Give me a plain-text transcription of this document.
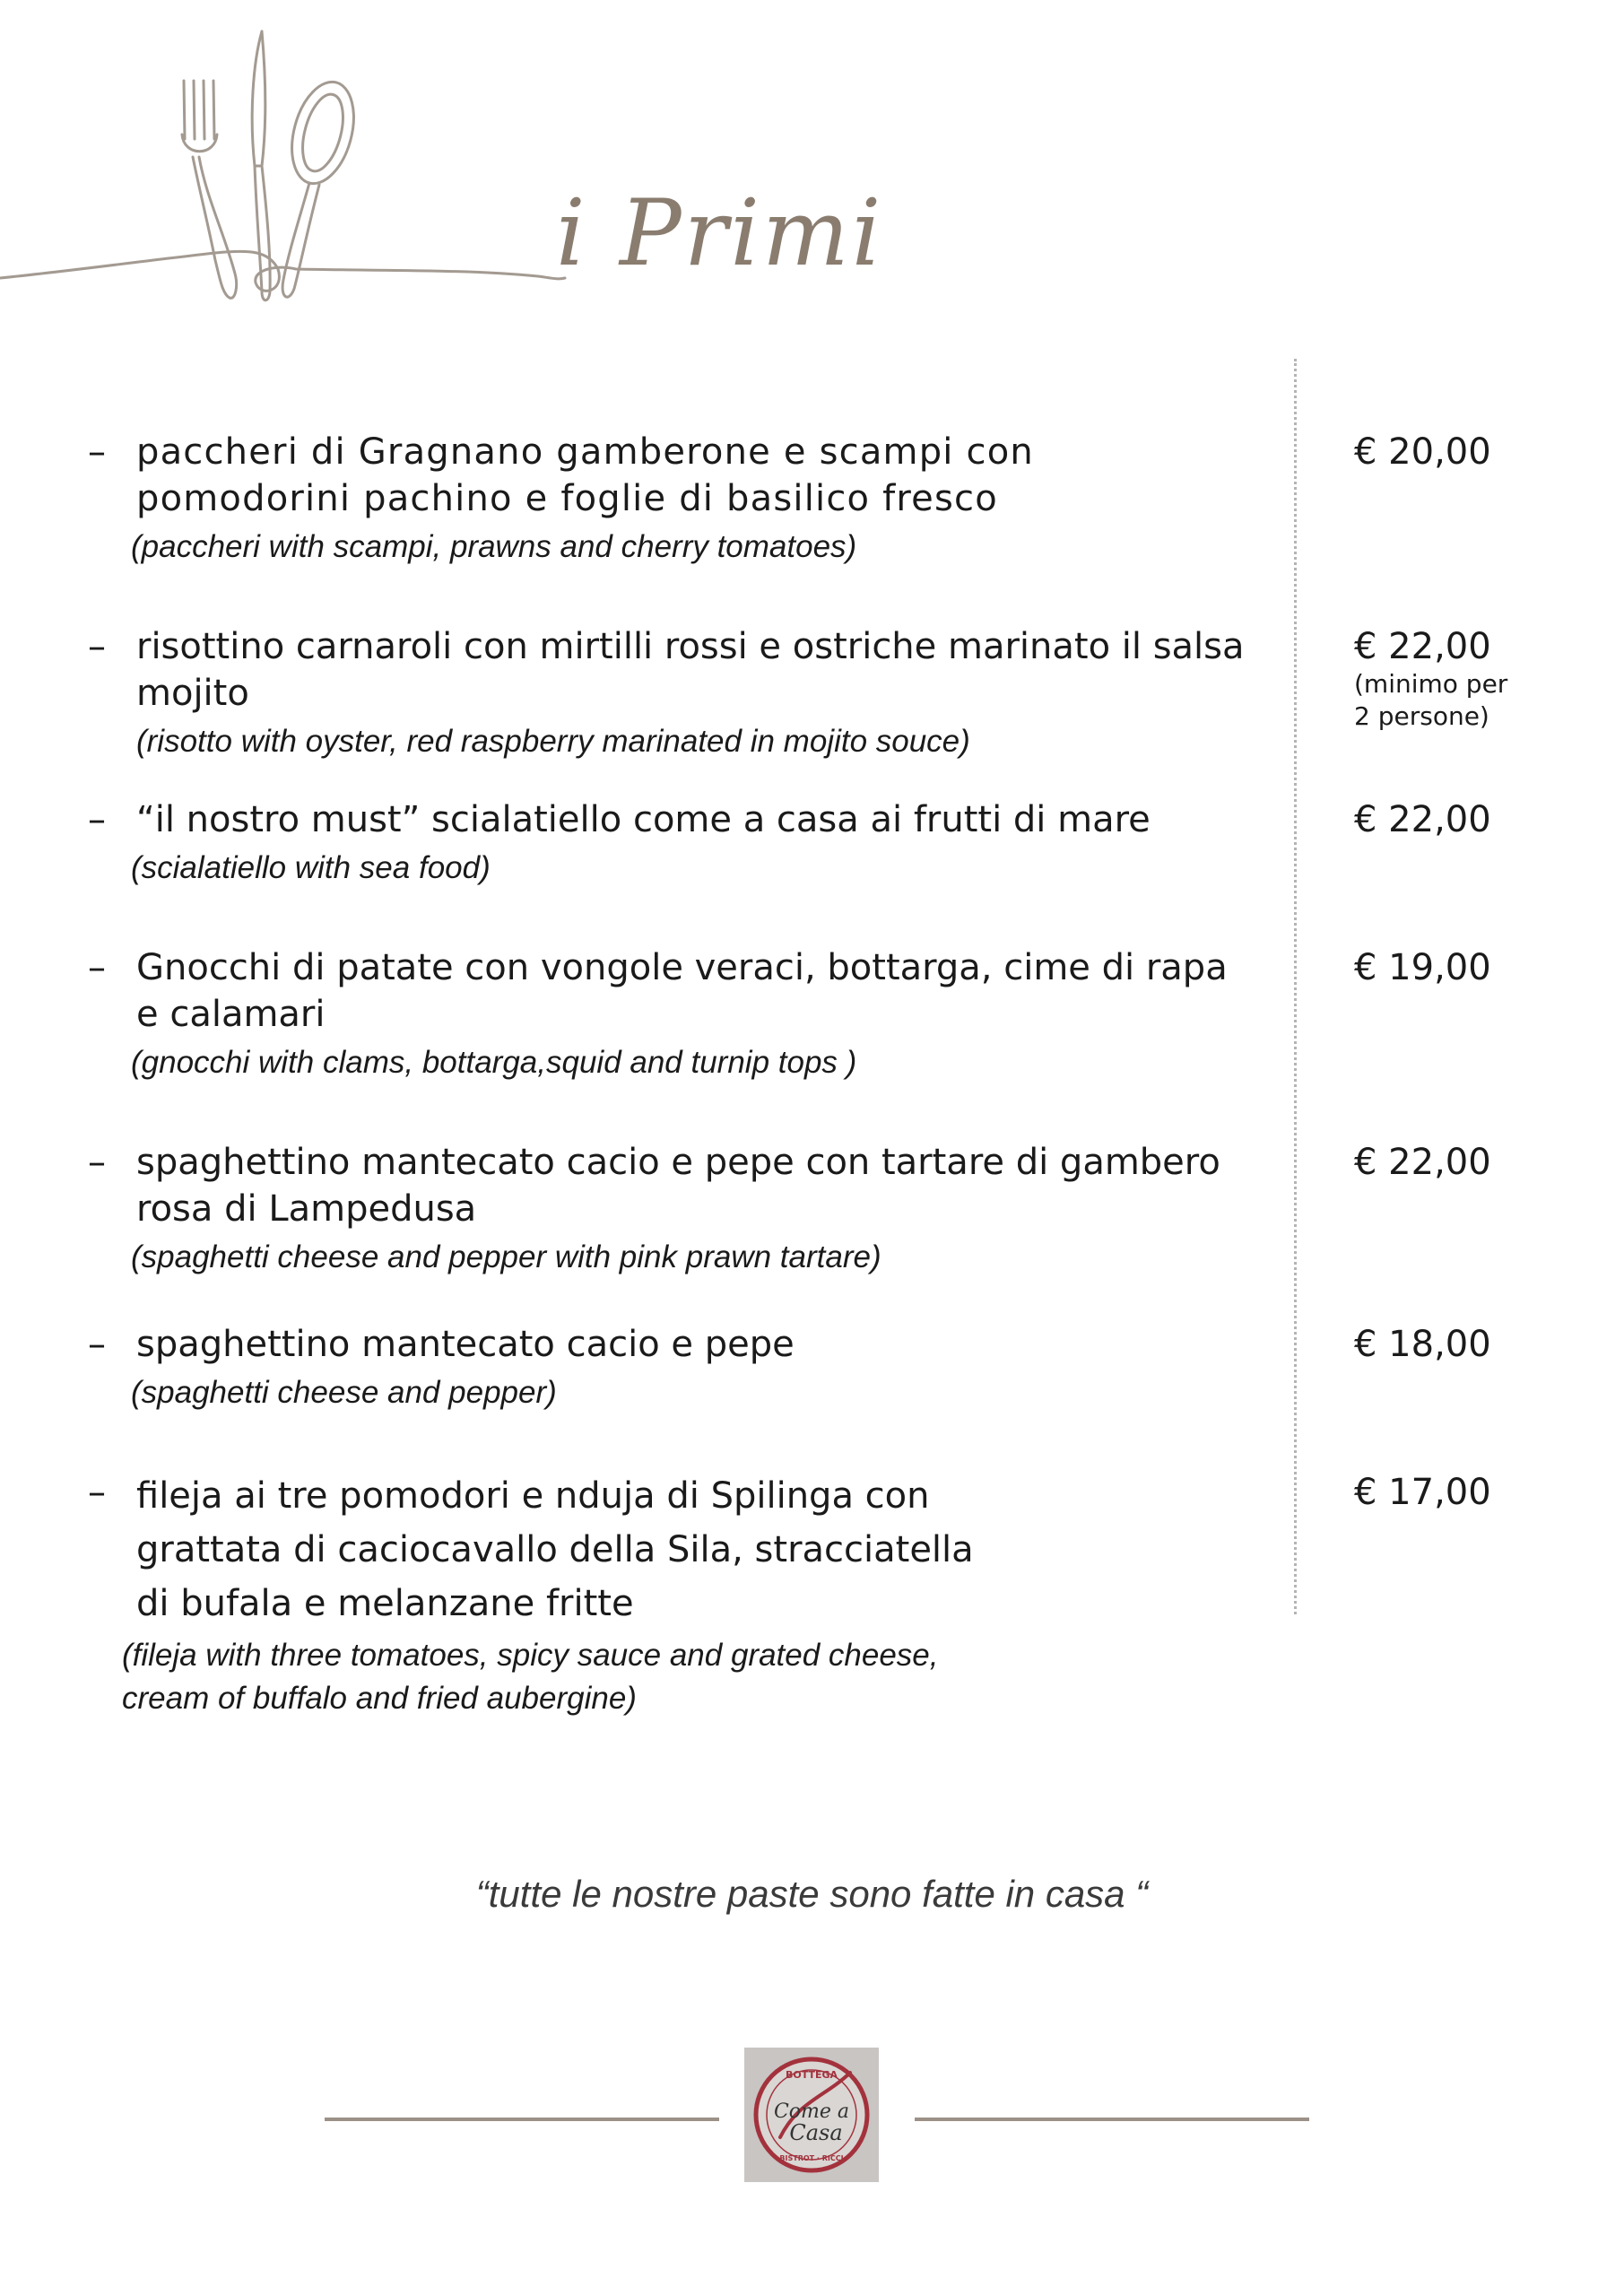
i Primi
– paccheri di Gragnano gamberone e scampi con
pomodorini pachino e foglie di basilico fresco
(paccheri with scampi, prawns and cherry tomatoes)
€ 20,00
– risottino carnaroli con mirtilli rossi e ostriche marinato il salsa
mojito
(risotto with oyster, red raspberry marinated in mojito souce)
€ 22,00
(minimo per
2 persone)
– “il nostro must” scialatiello come a casa ai frutti di mare
(scialatiello with sea food)
€ 22,00
– Gnocchi di patate con vongole veraci, bottarga, cime di rapa
e calamari
(gnocchi with clams, bottarga,squid and turnip tops )
€ 19,00
– spaghettino mantecato cacio e pepe con tartare di gambero
rosa di Lampedusa
(spaghetti cheese and pepper with pink prawn tartare)
€ 22,00
– spaghettino mantecato cacio e pepe
(spaghetti cheese and pepper)
€ 18,00
– fileja ai tre pomodori e nduja di Spilinga con
grattata di caciocavallo della Sila, stracciatella
di bufala e melanzane fritte
(fileja with three tomatoes, spicy sauce and grated cheese,
cream of buffalo and fried aubergine)
€ 17,00
“tutte le nostre paste sono fatte in casa “
BOTTEGA
Come a
Casa
BISTROT · RICCI
